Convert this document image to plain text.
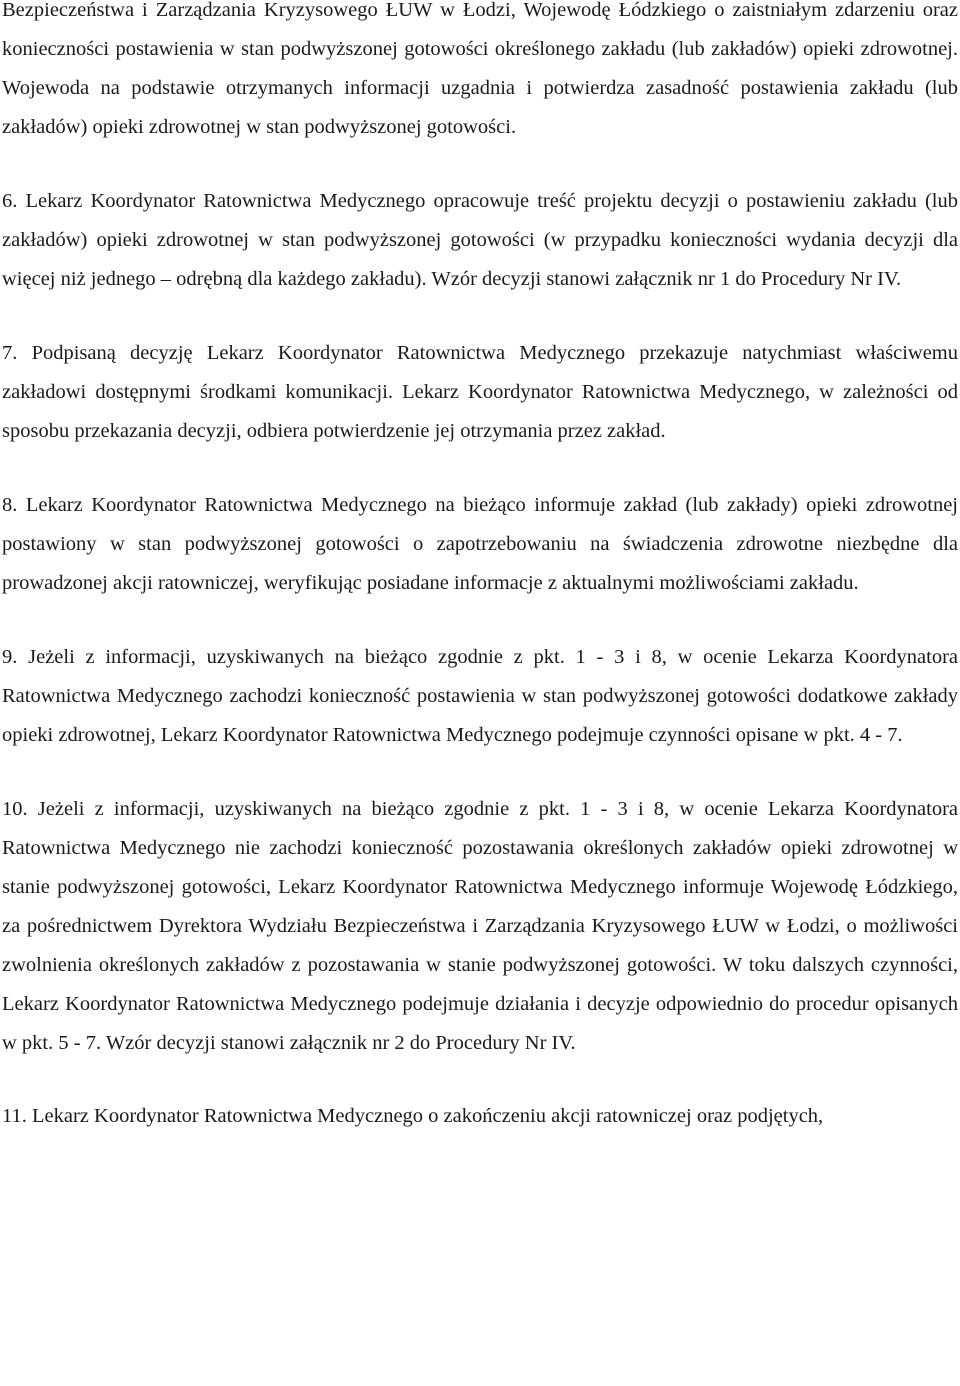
Bezpieczeństwa i Zarządzania Kryzysowego ŁUW w Łodzi, Wojewodę Łódzkiego o zaistniałym zdarzeniu oraz konieczności postawienia w stan podwyższonej gotowości określonego zakładu (lub zakładów) opieki zdrowotnej. Wojewoda na podstawie otrzymanych informacji uzgadnia i potwierdza zasadność postawienia zakładu (lub zakładów) opieki zdrowotnej w stan podwyższonej gotowości.

6. Lekarz Koordynator Ratownictwa Medycznego opracowuje treść projektu decyzji o postawieniu zakładu (lub zakładów) opieki zdrowotnej w stan podwyższonej gotowości (w przypadku konieczności wydania decyzji dla więcej niż jednego – odrębną dla każdego zakładu). Wzór decyzji stanowi załącznik nr 1 do Procedury Nr IV.

7. Podpisaną decyzję Lekarz Koordynator Ratownictwa Medycznego przekazuje natychmiast właściwemu zakładowi dostępnymi środkami komunikacji. Lekarz Koordynator Ratownictwa Medycznego, w zależności od sposobu przekazania decyzji, odbiera potwierdzenie jej otrzymania przez zakład.

8. Lekarz Koordynator Ratownictwa Medycznego na bieżąco informuje zakład (lub zakłady) opieki zdrowotnej postawiony w stan podwyższonej gotowości o zapotrzebowaniu na świadczenia zdrowotne niezbędne dla prowadzonej akcji ratowniczej, weryfikując posiadane informacje z aktualnymi możliwościami zakładu.

9. Jeżeli z informacji, uzyskiwanych na bieżąco zgodnie z pkt. 1 - 3 i 8, w ocenie Lekarza Koordynatora Ratownictwa Medycznego zachodzi konieczność postawienia w stan podwyższonej gotowości dodatkowe zakłady opieki zdrowotnej, Lekarz Koordynator Ratownictwa Medycznego podejmuje czynności opisane w pkt. 4 - 7.

10. Jeżeli z informacji, uzyskiwanych na bieżąco zgodnie z pkt. 1 - 3 i 8, w ocenie Lekarza Koordynatora Ratownictwa Medycznego nie zachodzi konieczność pozostawania określonych zakładów opieki zdrowotnej w stanie podwyższonej gotowości, Lekarz Koordynator Ratownictwa Medycznego informuje Wojewodę Łódzkiego, za pośrednictwem Dyrektora Wydziału Bezpieczeństwa i Zarządzania Kryzysowego ŁUW w Łodzi, o możliwości zwolnienia określonych zakładów z pozostawania w stanie podwyższonej gotowości. W toku dalszych czynności, Lekarz Koordynator Ratownictwa Medycznego podejmuje działania i decyzje odpowiednio do procedur opisanych w pkt. 5 - 7. Wzór decyzji stanowi załącznik nr 2 do Procedury Nr IV.

11. Lekarz Koordynator Ratownictwa Medycznego o zakończeniu akcji ratowniczej oraz podjętych,
